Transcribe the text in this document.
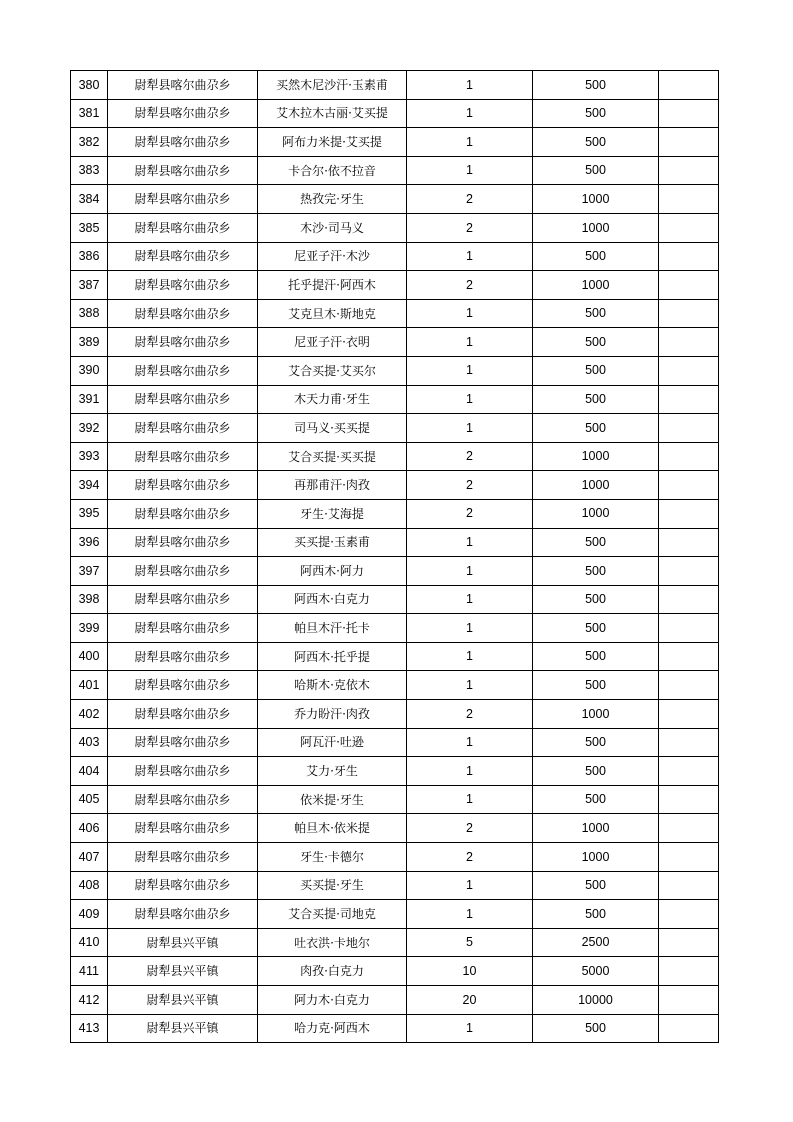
380	尉犁县喀尔曲尕乡	买然木尼沙汗·玉素甫	1	500	
381	尉犁县喀尔曲尕乡	艾木拉木古丽·艾买提	1	500	
382	尉犁县喀尔曲尕乡	阿布力米提·艾买提	1	500	
383	尉犁县喀尔曲尕乡	卡合尔·依不拉音	1	500	
384	尉犁县喀尔曲尕乡	热孜完·牙生	2	1000	
385	尉犁县喀尔曲尕乡	木沙·司马义	2	1000	
386	尉犁县喀尔曲尕乡	尼亚子汗·木沙	1	500	
387	尉犁县喀尔曲尕乡	托乎提汗·阿西木	2	1000	
388	尉犁县喀尔曲尕乡	艾克旦木·斯地克	1	500	
389	尉犁县喀尔曲尕乡	尼亚子汗·衣明	1	500	
390	尉犁县喀尔曲尕乡	艾合买提·艾买尔	1	500	
391	尉犁县喀尔曲尕乡	木天力甫·牙生	1	500	
392	尉犁县喀尔曲尕乡	司马义·买买提	1	500	
393	尉犁县喀尔曲尕乡	艾合买提·买买提	2	1000	
394	尉犁县喀尔曲尕乡	再那甫汗·肉孜	2	1000	
395	尉犁县喀尔曲尕乡	牙生·艾海提	2	1000	
396	尉犁县喀尔曲尕乡	买买提·玉素甫	1	500	
397	尉犁县喀尔曲尕乡	阿西木·阿力	1	500	
398	尉犁县喀尔曲尕乡	阿西木·白克力	1	500	
399	尉犁县喀尔曲尕乡	帕旦木汗·托卡	1	500	
400	尉犁县喀尔曲尕乡	阿西木·托乎提	1	500	
401	尉犁县喀尔曲尕乡	哈斯木·克依木	1	500	
402	尉犁县喀尔曲尕乡	乔力盼汗·肉孜	2	1000	
403	尉犁县喀尔曲尕乡	阿瓦汗·吐逊	1	500	
404	尉犁县喀尔曲尕乡	艾力·牙生	1	500	
405	尉犁县喀尔曲尕乡	依米提·牙生	1	500	
406	尉犁县喀尔曲尕乡	帕旦木·依米提	2	1000	
407	尉犁县喀尔曲尕乡	牙生·卡德尔	2	1000	
408	尉犁县喀尔曲尕乡	买买提·牙生	1	500	
409	尉犁县喀尔曲尕乡	艾合买提·司地克	1	500	
410	尉犁县兴平镇	吐衣洪·卡地尔	5	2500	
411	尉犁县兴平镇	肉孜·白克力	10	5000	
412	尉犁县兴平镇	阿力木·白克力	20	10000	
413	尉犁县兴平镇	哈力克·阿西木	1	500	
